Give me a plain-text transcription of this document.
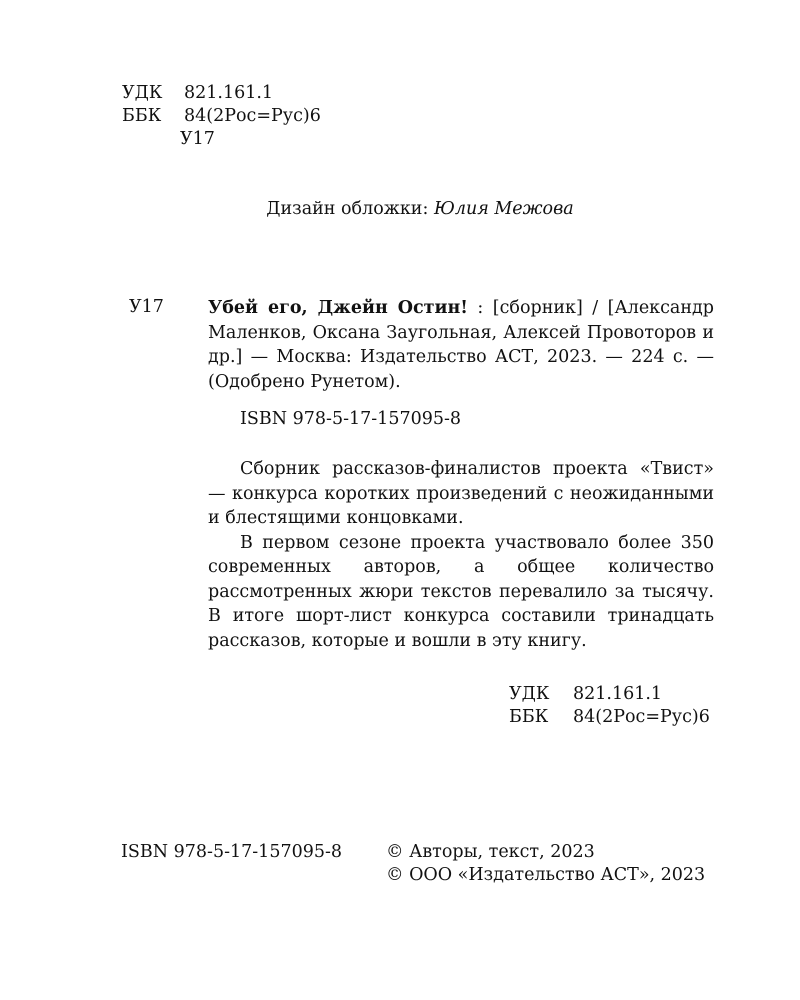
УДК 821.161.1
ББК 84(2Рос=Рус)6
У17
Дизайн обложки: Юлия Межова
У17	Убей его, Джейн Остин! : [сборник] / [Александр Маленков, Оксана Заугольная, Алексей Провоторов и др.] — Москва: Издательство АСТ, 2023. — 224 с. — (Одобрено Рунетом).
ISBN 978-5-17-157095-8

Сборник рассказов-финалистов проекта «Твист» — конкурса коротких произведений с неожиданными и блестящими концовками.

В первом сезоне проекта участвовало более 350 современных авторов, а общее количество рассмотренных жюри текстов перевалило за тысячу. В итоге шорт-лист конкурса составили тринадцать рассказов, которые и вошли в эту книгу.

УДК 821.161.1
ББК 84(2Рос=Рус)6
ISBN 978-5-17-157095-8	© Авторы, текст, 2023
© ООО «Издательство АСТ», 2023
